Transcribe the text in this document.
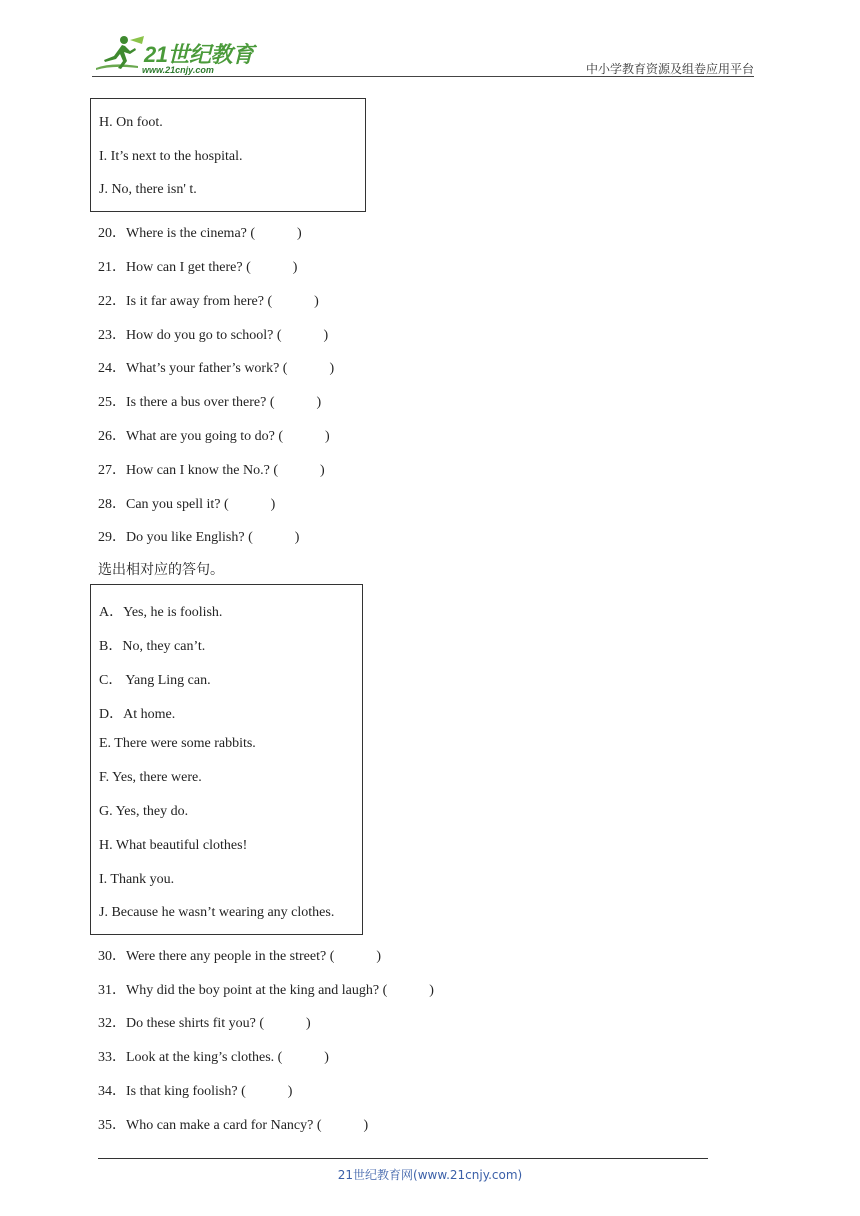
21世纪教育
www.21cnjy.com	中小学教育资源及组卷应用平台
H. On foot.
I. It’s next to the hospital.
J. No, there isn' t.
20．Where is the cinema? (　　　)
21．How can I get there? (　　　)
22．Is it far away from here? (　　　)
23．How do you go to school? (　　　)
24．What’s your father’s work? (　　　)
25．Is there a bus over there? (　　　)
26．What are you going to do? (　　　)
27．How can I know the No.? (　　　)
28．Can you spell it? (　　　)
29．Do you like English? (　　　)
选出相对应的答句。
A．Yes, he is foolish.
B．No, they can’t.
C． Yang Ling can.
D．At home.
E. There were some rabbits.
F. Yes, there were.
G. Yes, they do.
H. What beautiful clothes!
I. Thank you.
J. Because he wasn’t wearing any clothes.
30．Were there any people in the street? (　　　)
31．Why did the boy point at the king and laugh? (　　　)
32．Do these shirts fit you? (　　　)
33．Look at the king’s clothes. (　　　)
34．Is that king foolish? (　　　)
35．Who can make a card for Nancy? (　　　)
21世纪教育网(www.21cnjy.com)
